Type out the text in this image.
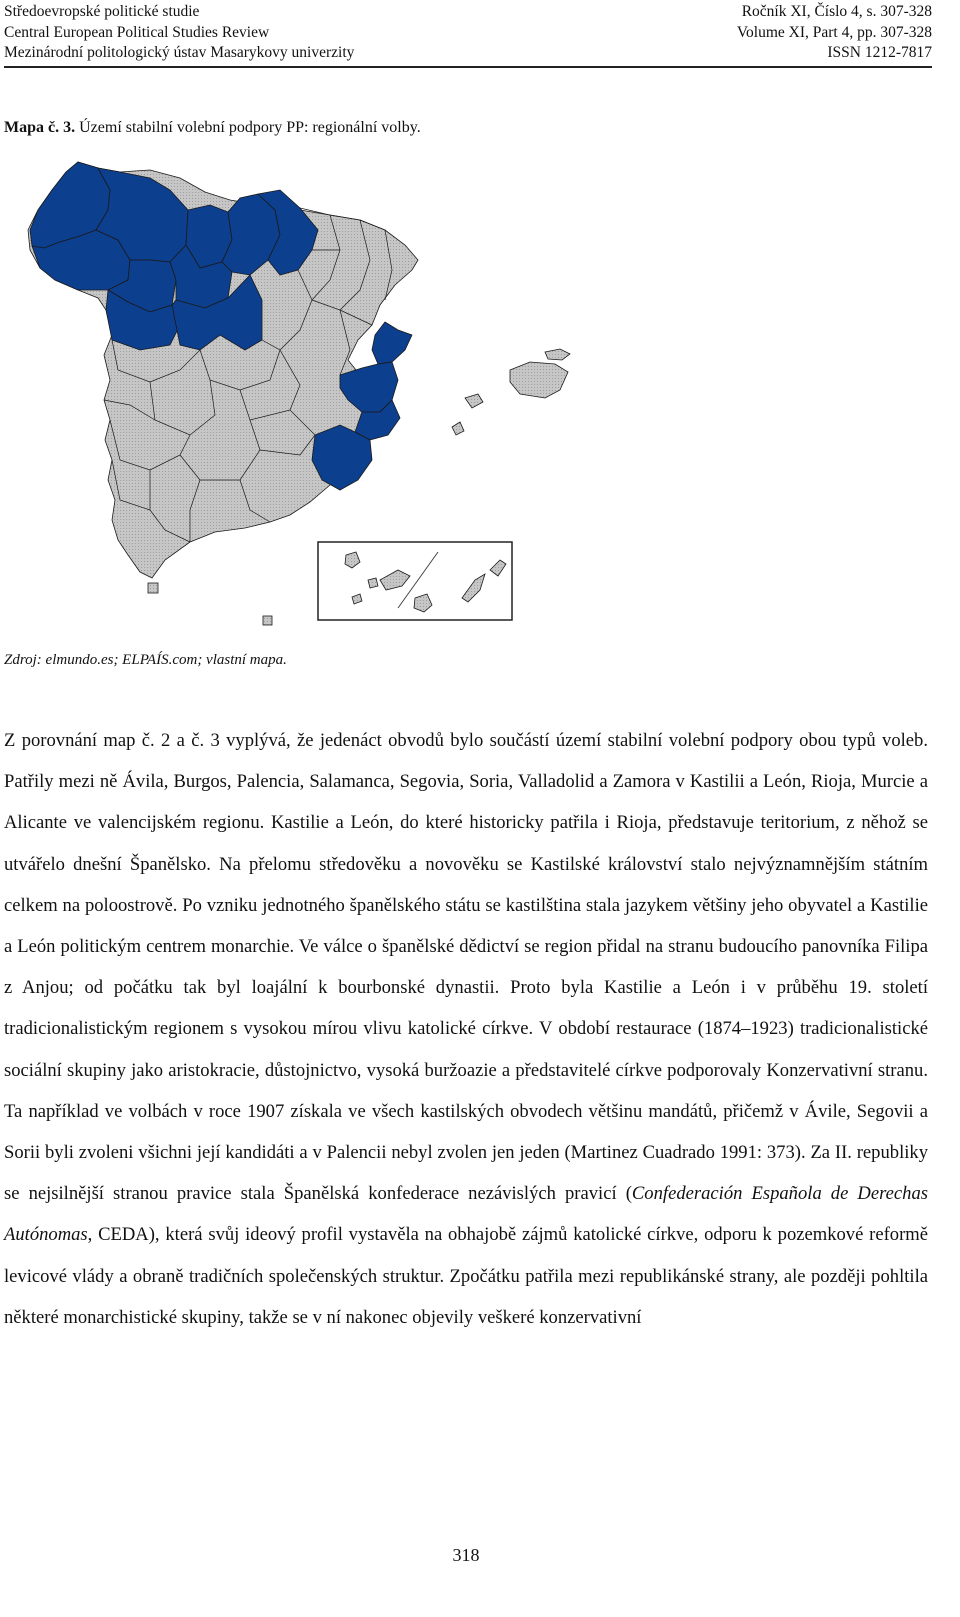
Středoevropské politické studie	Ročník XI, Číslo 4, s. 307-328
Central European Political Studies Review	Volume XI, Part 4, pp. 307-328
Mezinárodní politologický ústav Masarykovy univerzity	ISSN 1212-7817
Mapa č. 3. Území stabilní volební podpory PP: regionální volby.
Zdroj: elmundo.es; ELPAÍS.com; vlastní mapa.

Z porovnání map č. 2 a č. 3 vyplývá, že jedenáct obvodů bylo součástí území stabilní volební podpory obou typů voleb. Patřily mezi ně Ávila, Burgos, Palencia, Salamanca, Segovia, Soria, Valladolid a Zamora v Kastilii a León, Rioja, Murcie a Alicante ve valencijském regionu. Kastilie a León, do které historicky patřila i Rioja, představuje teritorium, z něhož se utvářelo dnešní Španělsko. Na přelomu středověku a novověku se Kastilské království stalo nejvýznamnějším státním celkem na poloostrově. Po vzniku jednotného španělského státu se kastilština stala jazykem většiny jeho obyvatel a Kastilie a León politickým centrem monarchie. Ve válce o španělské dědictví se region přidal na stranu budoucího panovníka Filipa z Anjou; od počátku tak byl loajální k bourbonské dynastii. Proto byla Kastilie a León i v průběhu 19. století tradicionalistickým regionem s vysokou mírou vlivu katolické církve. V období restaurace (1874–1923) tradicionalistické sociální skupiny jako aristokracie, důstojnictvo, vysoká buržoazie a představitelé církve podporovaly Konzervativní stranu. Ta například ve volbách v roce 1907 získala ve všech kastilských obvodech většinu mandátů, přičemž v Ávile, Segovii a Sorii byli zvoleni všichni její kandidáti a v Palencii nebyl zvolen jen jeden (Martinez Cuadrado 1991: 373). Za II. republiky se nejsilnější stranou pravice stala Španělská konfederace nezávislých pravicí (Confederación Española de Derechas Autónomas, CEDA), která svůj ideový profil vystavěla na obhajobě zájmů katolické církve, odporu k pozemkové reformě levicové vlády a obraně tradičních společenských struktur. Zpočátku patřila mezi republikánské strany, ale později pohltila některé monarchistické skupiny, takže se v ní nakonec objevily veškeré konzervativní

318
